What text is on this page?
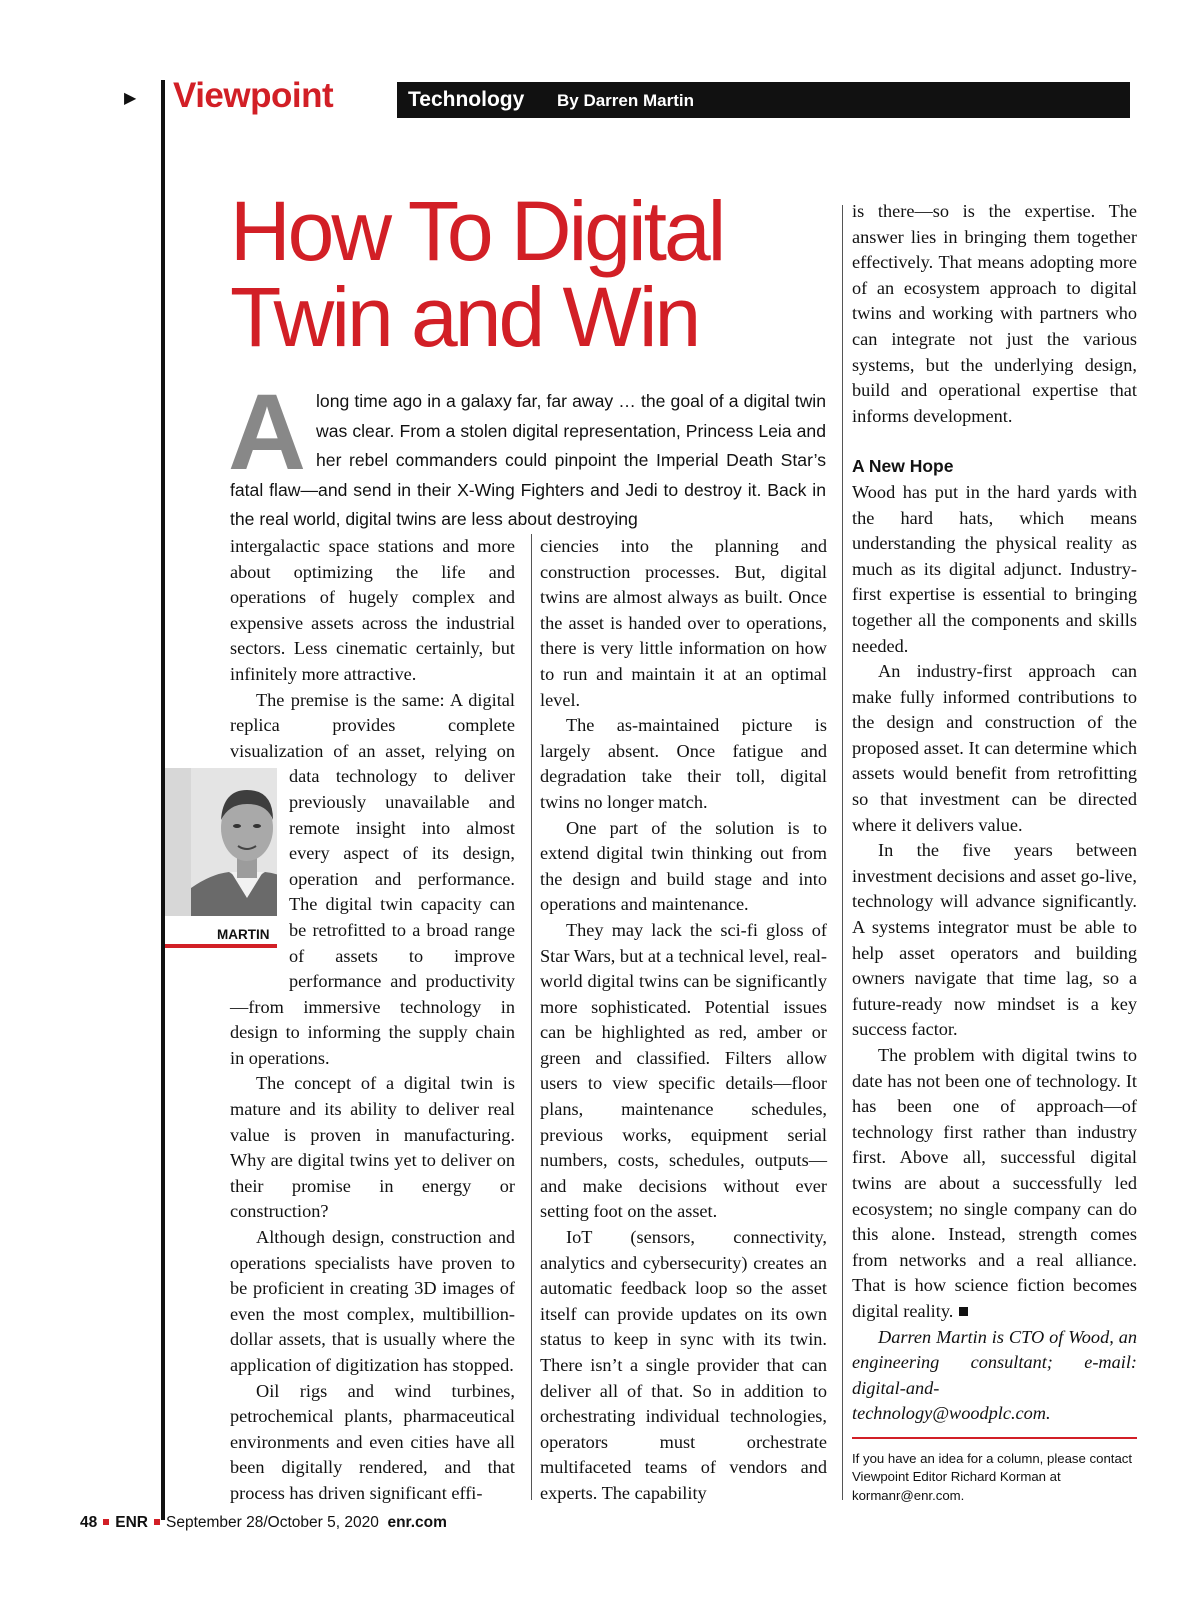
▶ Viewpoint	Technology By Darren Martin
How To Digital
Twin and Win
A long time ago in a galaxy far, far away … the goal of a digital twin was clear. From a stolen digital representation, Princess Leia and her rebel commanders could pinpoint the Imperial Death Star’s fatal flaw—and send in their X-Wing Fighters and Jedi to destroy it. Back in the real world, digital twins are less about destroying

intergalactic space stations and more about optimizing the life and operations of hugely complex and expensive assets across the industrial sectors. Less cinematic certainly, but infinitely more attractive.

The premise is the same: A digital replica provides complete visualization of an asset, relying on data
MARTIN
technology to deliver previously unavailable and remote insight into almost every aspect of its design, operation and performance. The digital twin capacity can be retrofitted to a broad range of assets to improve performance and productivity—from immersive technology in design to informing the supply chain in operations.

The concept of a digital twin is mature and its ability to deliver real value is proven in manufacturing. Why are digital twins yet to deliver on their promise in energy or construction?

Although design, construction and operations specialists have proven to be proficient in creating 3D images of even the most complex, multibillion-dollar assets, that is usually where the application of digitization has stopped.

Oil rigs and wind turbines, petrochemical plants, pharmaceutical environments and even cities have all been digitally rendered, and that process has driven significant effi-

ciencies into the planning and construction processes. But, digital twins are almost always as built. Once the asset is handed over to operations, there is very little information on how to run and maintain it at an optimal level.

The as-maintained picture is largely absent. Once fatigue and degradation take their toll, digital twins no longer match.

One part of the solution is to extend digital twin thinking out from the design and build stage and into operations and maintenance.

They may lack the sci-fi gloss of Star Wars, but at a technical level, real-world digital twins can be significantly more sophisticated. Potential issues can be highlighted as red, amber or green and classified. Filters allow users to view specific details—floor plans, maintenance schedules, previous works, equipment serial numbers, costs, schedules, outputs—and make decisions without ever setting foot on the asset.

IoT (sensors, connectivity, analytics and cybersecurity) creates an automatic feedback loop so the asset itself can provide updates on its own status to keep in sync with its twin. There isn’t a single provider that can deliver all of that. So in addition to orchestrating individual technologies, operators must orchestrate multifaceted teams of vendors and experts. The capability

is there—so is the expertise. The answer lies in bringing them together effectively. That means adopting more of an ecosystem approach to digital twins and working with partners who can integrate not just the various systems, but the underlying design, build and operational expertise that informs development.

A New Hope

Wood has put in the hard yards with the hard hats, which means understanding the physical reality as much as its digital adjunct. Industry-first expertise is essential to bringing together all the components and skills needed.

An industry-first approach can make fully informed contributions to the design and construction of the proposed asset. It can determine which assets would benefit from retrofitting so that investment can be directed where it delivers value.

In the five years between investment decisions and asset go-live, technology will advance significantly. A systems integrator must be able to help asset operators and building owners navigate that time lag, so a future-ready now mindset is a key success factor.

The problem with digital twins to date has not been one of technology. It has been one of approach—of technology first rather than industry first. Above all, successful digital twins are about a successfully led ecosystem; no single company can do this alone. Instead, strength comes from networks and a real alliance. That is how science fiction becomes digital reality.

Darren Martin is CTO of Wood, an engineering consultant; e-mail: digital-and-technology@woodplc.com.

If you have an idea for a column, please contact Viewpoint Editor Richard Korman at kormanr@enr.com.

48 ENR September 28/October 5, 2020 enr.com
